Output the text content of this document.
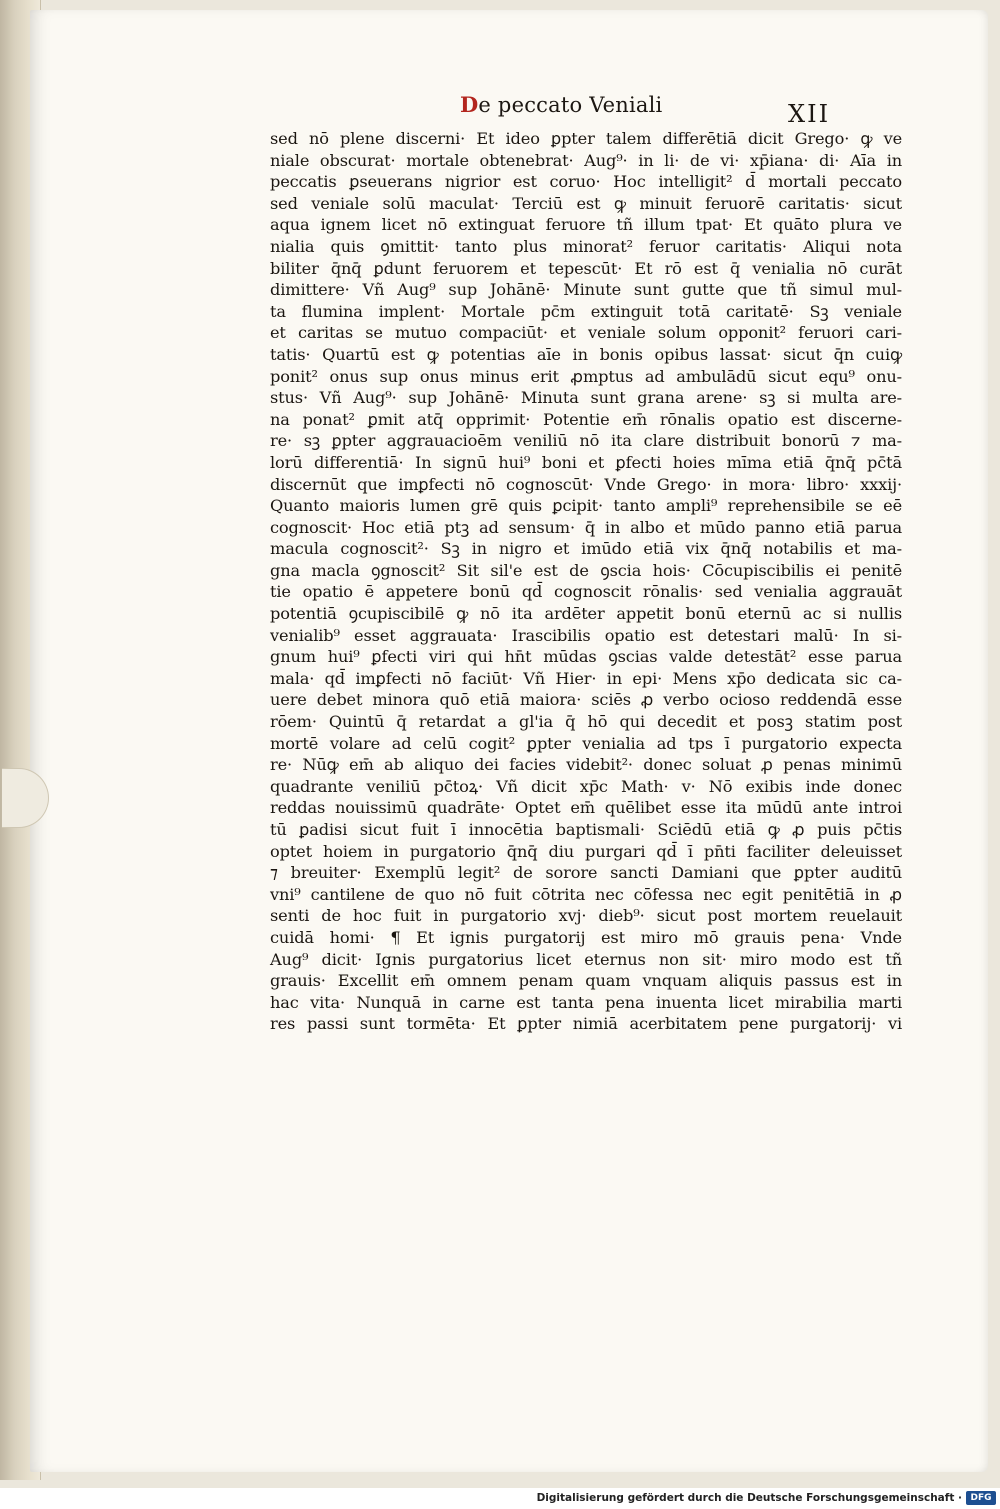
De peccato Veniali	XII
sed nō plene discerni· Et ideo ꝑpter talem differētiā dicit Grego· ꝙ ve
niale obscurat· mortale obtenebrat· Aug⁹· in li· de vi· xp̄iana· di· Aīa in
peccatis ꝑseuerans nigrior est coruo· Hoc intelligit² d̄ mortali peccato
sed veniale solū maculat· Terciū est ꝙ minuit feruorē caritatis· sicut
aqua ignem licet nō extinguat feruore tñ illum tpat· Et quāto plura ve
nialia quis ꝯmittit· tanto plus minorat² feruor caritatis· Aliqui nota
biliter q̄nq̄ ꝑdunt feruorem et tepescūt· Et rō est q̄ venialia nō curāt
dimittere· Vñ Aug⁹ sup Johānē· Minute sunt gutte que tñ simul mul-
ta flumina implent· Mortale pc̄m extinguit totā caritatē· Sꝫ veniale
et caritas se mutuo compaciūt· et veniale solum opponit² feruori cari-
tatis· Quartū est ꝙ potentias aīe in bonis opibus lassat· sicut q̄n cuiꝙ
ponit² onus sup onus minus erit ꝓmptus ad ambulādū sicut equ⁹ onu-
stus· Vñ Aug⁹· sup Johānē· Minuta sunt grana arene· sꝫ si multa are-
na ponat² ꝑmit atq̄ opprimit· Potentie em̄ rōnalis opatio est discerne-
re· sꝫ ꝑpter aggrauacioēm veniliū nō ita clare distribuit bonorū ⁊ ma-
lorū differentiā· In signū hui⁹ boni et ꝑfecti hoies mīma etiā q̄nq̄ pc̄tā
discernūt que imꝑfecti nō cognoscūt· Vnde Grego· in mora· libro· xxxij·
Quanto maioris lumen grē quis ꝑcipit· tanto ampli⁹ reprehensibile se eē
cognoscit· Hoc etiā ptꝫ ad sensum· q̄ in albo et mūdo panno etiā parua
macula cognoscit²· Sꝫ in nigro et imūdo etiā vix q̄nq̄ notabilis et ma-
gna macla ꝯgnoscit² Sit sil'e est de ꝯscia hois· Cōcupiscibilis ei penitē
tie opatio ē appetere bonū qd̄ cognoscit rōnalis· sed venialia aggrauāt
potentiā ꝯcupiscibilē ꝙ nō ita ardēter appetit bonū eternū ac si nullis
venialib⁹ esset aggrauata· Irascibilis opatio est detestari malū· In si-
gnum hui⁹ ꝑfecti viri qui hn̄t mūdas ꝯscias valde detestāt² esse parua
mala· qd̄ imꝑfecti nō faciūt· Vñ Hier· in epi· Mens xp̄o dedicata sic ca-
uere debet minora quō etiā maiora· sciēs ꝓ verbo ocioso reddendā esse
rōem· Quintū q̄ retardat a gl'ia q̄ hō qui decedit et posꝫ statim post
mortē volare ad celū cogit² ꝑpter venialia ad tps ī purgatorio expecta
re· Nūꝙ em̄ ab aliquo dei facies videbit²· donec soluat ꝓ penas minimū
quadrante veniliū pc̄toꝝ· Vñ dicit xp̄c Math· v· Nō exibis inde donec
reddas nouissimū quadrāte· Optet em̄ quēlibet esse ita mūdū ante introi
tū ꝑadisi sicut fuit ī innocētia baptismali· Sciēdū etiā ꝙ ꝓ puis pc̄tis
optet hoiem in purgatorio q̄nq̄ diu purgari qd̄ ī pn̄ti faciliter deleuisset
⁊ breuiter· Exemplū legit² de sorore sancti Damiani que ꝑpter auditū
vni⁹ cantilene de quo nō fuit cōtrita nec cōfessa nec egit penitētiā in ꝓ
senti de hoc fuit in purgatorio xvj· dieb⁹· sicut post mortem reuelauit
cuidā homi· ¶ Et ignis purgatorij est miro mō grauis pena· Vnde
Aug⁹ dicit· Ignis purgatorius licet eternus non sit· miro modo est tñ
grauis· Excellit em̄ omnem penam quam vnquam aliquis passus est in
hac vita· Nunquā in carne est tanta pena inuenta licet mirabilia marti
res passi sunt tormēta· Et ꝑpter nimiā acerbitatem pene purgatorij· vi
Digitalisierung gefördert durch die Deutsche Forschungsgemeinschaft · DFG
